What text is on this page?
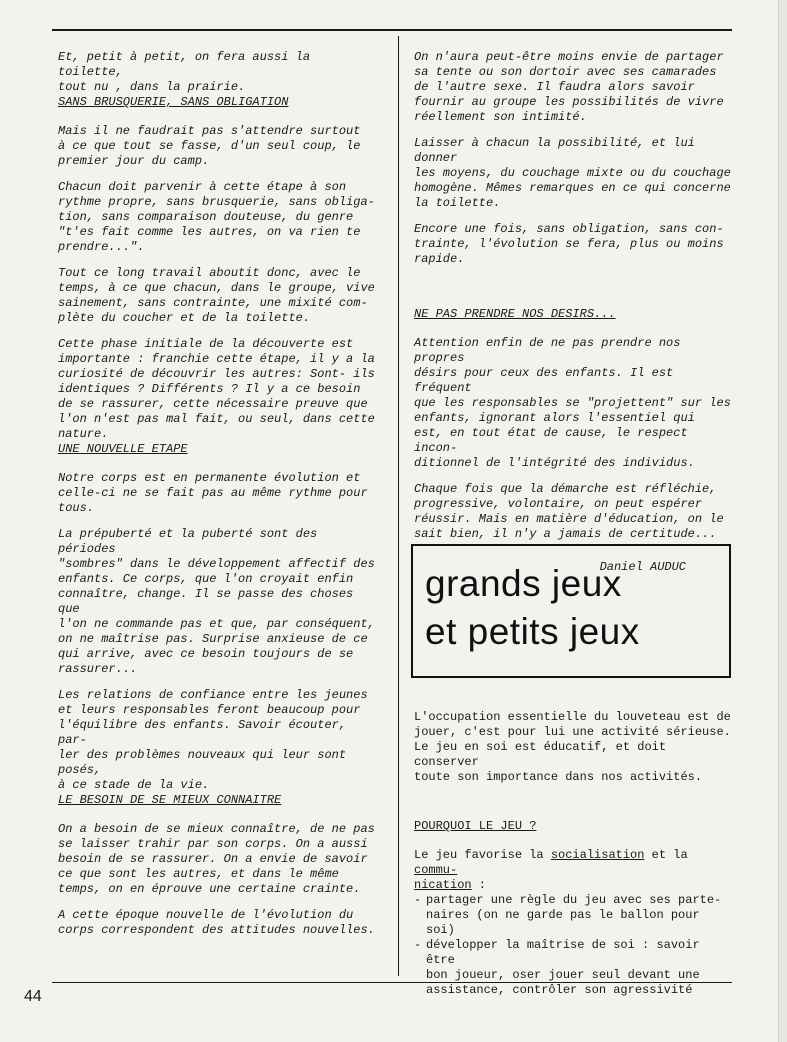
Et, petit à petit, on fera aussi la toilette,
tout nu , dans la prairie.

SANS BRUSQUERIE, SANS OBLIGATION

Mais il ne faudrait pas s'attendre surtout
à ce que tout se fasse, d'un seul coup, le
premier jour du camp.

Chacun doit parvenir à cette étape à son
rythme propre, sans brusquerie, sans obliga-
tion, sans comparaison douteuse, du genre
"t'es fait comme les autres, on va rien te
prendre...".

Tout ce long travail aboutit donc, avec le
temps, à ce que chacun, dans le groupe, vive
sainement, sans contrainte, une mixité com-
plète du coucher et de la toilette.

Cette phase initiale de la découverte est
importante : franchie cette étape, il y a la
curiosité de découvrir les autres: Sont- ils
identiques ? Différents ? Il y a ce besoin
de se rassurer, cette nécessaire preuve que
l'on n'est pas mal fait, ou seul, dans cette
nature.

UNE NOUVELLE ETAPE

Notre corps est en permanente évolution et
celle-ci ne se fait pas au même rythme pour
tous.

La prépuberté et la puberté sont des périodes
"sombres" dans le développement affectif des
enfants. Ce corps, que l'on croyait enfin
connaître, change. Il se passe des choses que
l'on ne commande pas et que, par conséquent,
on ne maîtrise pas. Surprise anxieuse de ce
qui arrive, avec ce besoin toujours de se
rassurer...

Les relations de confiance entre les jeunes
et leurs responsables feront beaucoup pour
l'équilibre des enfants. Savoir écouter, par-
ler des problèmes nouveaux qui leur sont posés,
à ce stade de la vie.

LE BESOIN DE SE MIEUX CONNAITRE

On a besoin de se mieux connaître, de ne pas
se laisser trahir par son corps. On a aussi
besoin de se rassurer. On a envie de savoir
ce que sont les autres, et dans le même
temps, on en éprouve une certaine crainte.

A cette époque nouvelle de l'évolution du
corps correspondent des attitudes nouvelles.

On n'aura peut-être moins envie de partager
sa tente ou son dortoir avec ses camarades
de l'autre sexe. Il faudra alors savoir
fournir au groupe les possibilités de vivre
réellement son intimité.

Laisser à chacun la possibilité, et lui donner
les moyens, du couchage mixte ou du couchage
homogène. Mêmes remarques en ce qui concerne
la toilette.

Encore une fois, sans obligation, sans con-
trainte, l'évolution se fera, plus ou moins
rapide.

NE PAS PRENDRE NOS DESIRS...

Attention enfin de ne pas prendre nos propres
désirs pour ceux des enfants. Il est fréquent
que les responsables se "projettent" sur les
enfants, ignorant alors l'essentiel qui
est, en tout état de cause, le respect incon-
ditionnel de l'intégrité des individus.

Chaque fois que la démarche est réfléchie,
progressive, volontaire, on peut espérer
réussir. Mais en matière d'éducation, on le
sait bien, il n'y a jamais de certitude...

Daniel AUDUC

grands jeux
et petits jeux

L'occupation essentielle du louveteau est de
jouer, c'est pour lui une activité sérieuse.
Le jeu en soi est éducatif, et doit conserver
toute son importance dans nos activités.

POURQUOI LE JEU ?

Le jeu favorise la socialisation et la commu-
nication :

- partager une règle du jeu avec ses parte-
naires (on ne garde pas le ballon pour soi)

- développer la maîtrise de soi : savoir être
bon joueur, oser jouer seul devant une
assistance, contrôler son agressivité

44
